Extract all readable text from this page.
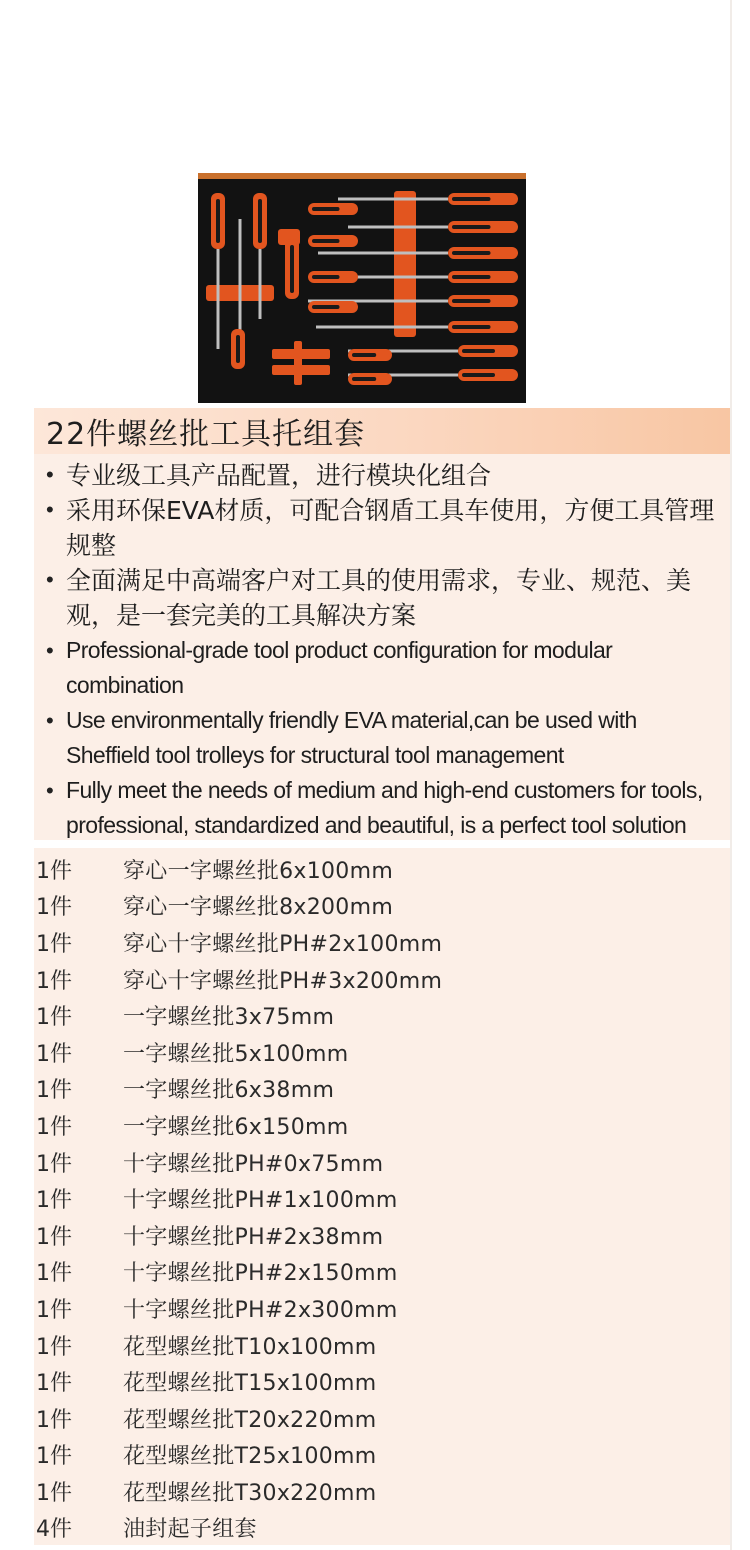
22件螺丝批工具托组套
• 专业级工具产品配置，进行模块化组合
• 采用环保EVA材质，可配合钢盾工具车使用，方便工具管理规整
• 全面满足中高端客户对工具的使用需求，专业、规范、美观，是一套完美的工具解决方案
• Professional-grade tool product configuration for modular combination
• Use environmentally friendly EVA material,can be used with Sheffield tool trolleys for structural tool management
• Fully meet the needs of medium and high-end customers for tools, professional, standardized and beautiful, is a perfect tool solution
1件	穿心一字螺丝批6x100mm
1件	穿心一字螺丝批8x200mm
1件	穿心十字螺丝批PH#2x100mm
1件	穿心十字螺丝批PH#3x200mm
1件	一字螺丝批3x75mm
1件	一字螺丝批5x100mm
1件	一字螺丝批6x38mm
1件	一字螺丝批6x150mm
1件	十字螺丝批PH#0x75mm
1件	十字螺丝批PH#1x100mm
1件	十字螺丝批PH#2x38mm
1件	十字螺丝批PH#2x150mm
1件	十字螺丝批PH#2x300mm
1件	花型螺丝批T10x100mm
1件	花型螺丝批T15x100mm
1件	花型螺丝批T20x220mm
1件	花型螺丝批T25x100mm
1件	花型螺丝批T30x220mm
4件	油封起子组套
